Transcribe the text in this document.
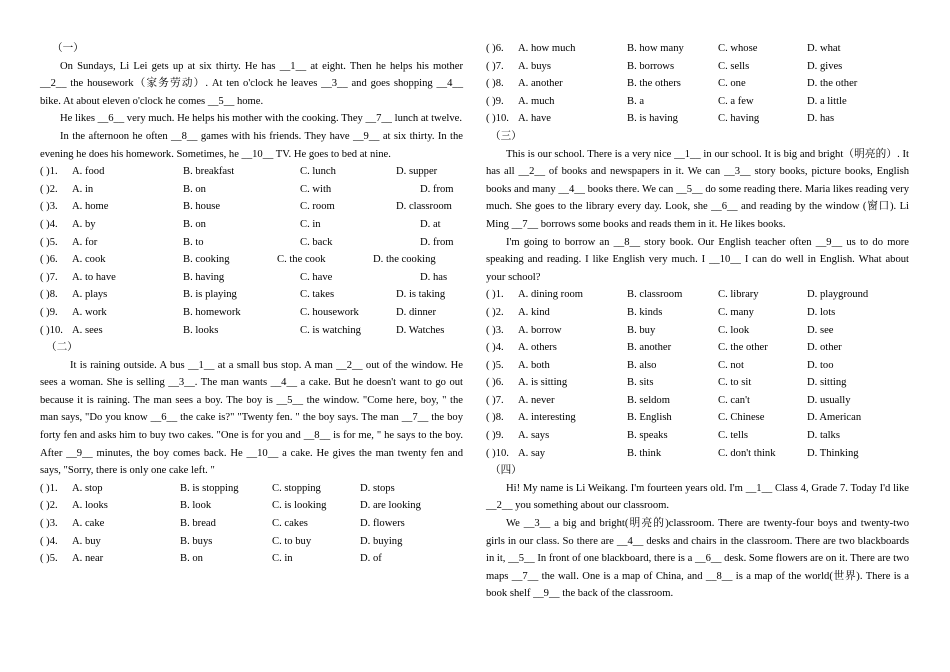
（一）
On Sundays, Li Lei gets up at six thirty. He has __1__ at eight. Then he helps his mother __2__ the housework（家务劳动）. At ten o'clock he leaves __3__ and goes shopping __4__ bike. At about eleven o'clock he comes __5__ home.
He likes __6__ very much. He helps his mother with the cooking. They __7__ lunch at twelve.
In the afternoon he often __8__ games with his friends. They have __9__ at six thirty. In the evening he does his homework. Sometimes, he __10__ TV. He goes to bed at nine.
( )1. A. food	B. breakfast	C. lunch	D. supper
( )2. A. in	B. on	C. with	D. from
( )3. A. home	B. house	C. room	D. classroom
( )4. A. by	B. on	C. in	D. at
( )5. A. for	B. to	C. back	D. from
( )6. A. cook	B. cooking	C. the cook	D. the cooking
( )7. A. to have	B. having	C. have	D. has
( )8. A. plays	B. is playing	C. takes	D. is taking
( )9. A. work	B. homework	C. housework	D. dinner
( )10. A. sees	B. looks	C. is watching	D. Watches
（二）
It is raining outside. A bus __1__ at a small bus stop. A man __2__ out of the window. He sees a woman. She is selling __3__. The man wants __4__ a cake. But he doesn't want to go out because it is raining. The man sees a boy. The boy is __5__ the window. "Come here, boy, " the man says, "Do you know __6__ the cake is?" "Twenty fen. " the boy says. The man __7__ the boy forty fen and asks him to buy two cakes. "One is for you and __8__ is for me, " he says to the boy. After __9__ minutes, the boy comes back. He __10__ a cake. He gives the man twenty fen and says, "Sorry, there is only one cake left. "
( )1. A. stop	B. is stopping	C. stopping	D. stops
( )2. A. looks	B. look	C. is looking	D. are looking
( )3. A. cake	B. bread	C. cakes	D. flowers
( )4. A. buy	B. buys	C. to buy	D. buying
( )5. A. near	B. on	C. in	D. of
( )6. A. how much	B. how many	C. whose	D. what
( )7. A. buys	B. borrows	C. sells	D. gives
( )8. A. another	B. the others	C. one	D. the other
( )9. A. much	B. a	C. a few	D. a little
( )10. A. have	B. is having	C. having	D. has
（三）
This is our school. There is a very nice __1__ in our school. It is big and bright（明亮的）. It has all __2__ of books and newspapers in it. We can __3__ story books, picture books, English books and many __4__ books there. We can __5__ do some reading there. Maria likes reading very much. She goes to the library every day. Look, she __6__ and reading by the window (窗口). Li Ming __7__ borrows some books and reads them in it. He likes books.
I'm going to borrow an __8__ story book. Our English teacher often __9__ us to do more speaking and reading. I like English very much. I __10__ I can do well in English. What about your school?
( )1. A. dining room	B. classroom	C. library	D. playground
( )2. A. kind	B. kinds	C. many	D. lots
( )3. A. borrow	B. buy	C. look	D. see
( )4. A. others	B. another	C. the other	D. other
( )5. A. both	B. also	C. not	D. too
( )6. A. is sitting	B. sits	C. to sit	D. sitting
( )7. A. never	B. seldom	C. can't	D. usually
( )8. A. interesting	B. English	C. Chinese	D. American
( )9. A. says	B. speaks	C. tells	D. talks
( )10. A. say	B. think	C. don't think	D. Thinking
（四）
Hi! My name is Li Weikang. I'm fourteen years old. I'm __1__ Class 4, Grade 7. Today I'd like __2__ you something about our classroom.
We __3__ a big and bright(明亮的)classroom. There are twenty-four boys and twenty-two girls in our class. So there are __4__ desks and chairs in the classroom. There are two blackboards in it, __5__ In front of one blackboard, there is a __6__ desk. Some flowers are on it. There are two maps __7__ the wall. One is a map of China, and __8__ is a map of the world(世界). There is a book shelf __9__ the back of the classroom.
